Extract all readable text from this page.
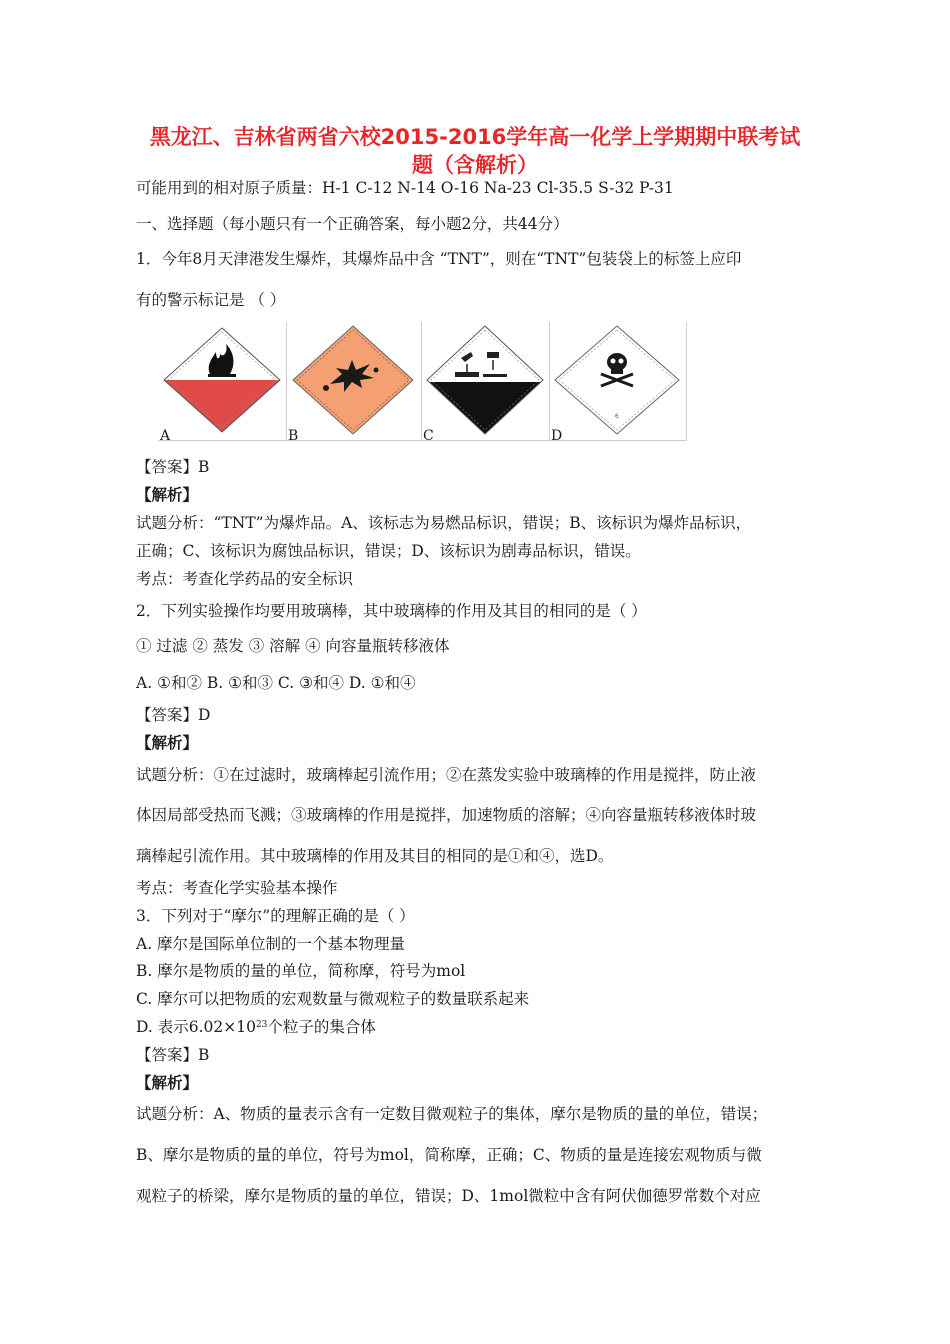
黑龙江、吉林省两省六校2015-2016学年高一化学上学期期中联考试
题（含解析）
可能用到的相对原子质量：H-1 C-12 N-14 O-16 Na-23 Cl-35.5 S-32 P-31
一、选择题（每小题只有一个正确答案，每小题2分，共44分）
1．今年8月天津港发生爆炸，其爆炸品中含 “TNT”，则在“TNT”包装袋上的标签上应印
有的警示标记是 （ ）
A	B	C
6
D
【答案】B
【解析】
试题分析：“TNT”为爆炸品。A、该标志为易燃品标识，错误；B、该标识为爆炸品标识，
正确；C、该标识为腐蚀品标识，错误；D、该标识为剧毒品标识，错误。
考点：考查化学药品的安全标识
2．下列实验操作均要用玻璃棒，其中玻璃棒的作用及其目的相同的是（ ）
① 过滤 ② 蒸发 ③ 溶解 ④ 向容量瓶转移液体
A. ①和② B. ①和③ C. ③和④ D. ①和④
【答案】D
【解析】
试题分析：①在过滤时，玻璃棒起引流作用；②在蒸发实验中玻璃棒的作用是搅拌，防止液
体因局部受热而飞溅；③玻璃棒的作用是搅拌，加速物质的溶解；④向容量瓶转移液体时玻
璃棒起引流作用。其中玻璃棒的作用及其目的相同的是①和④，选D。
考点：考查化学实验基本操作
3．下列对于“摩尔”的理解正确的是（ ）
A. 摩尔是国际单位制的一个基本物理量
B. 摩尔是物质的量的单位，简称摩，符号为mol
C. 摩尔可以把物质的宏观数量与微观粒子的数量联系起来
D. 表示$6.02\times 10^{23}$个粒子的集合体
【答案】B
【解析】
试题分析：A、物质的量表示含有一定数目微观粒子的集体，摩尔是物质的量的单位，错误；
B、摩尔是物质的量的单位，符号为mol，简称摩，正确；C、物质的量是连接宏观物质与微
观粒子的桥梁，摩尔是物质的量的单位，错误；D、1mol微粒中含有阿伏伽德罗常数个对应
